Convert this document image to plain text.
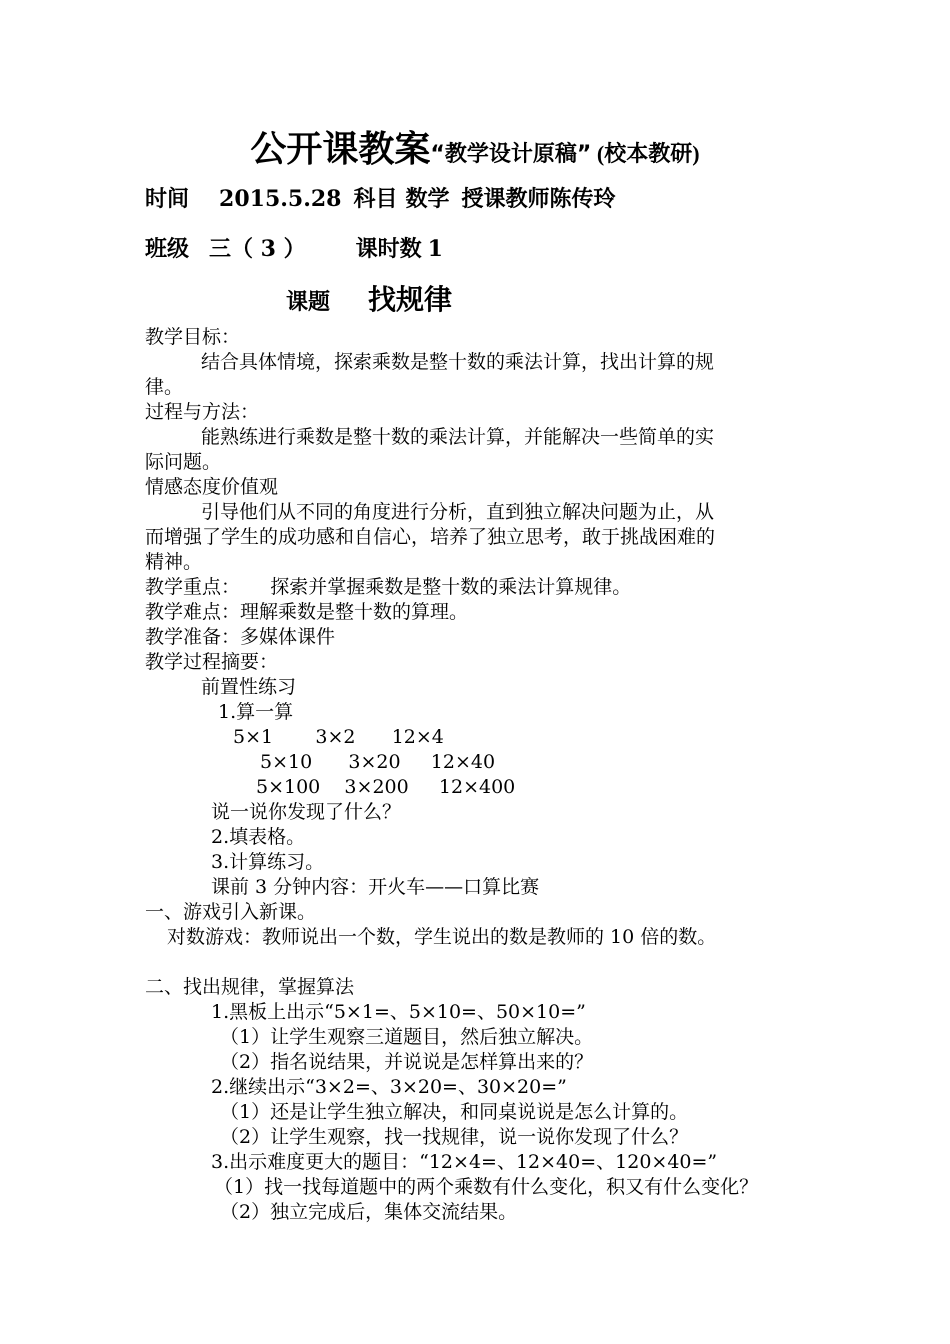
公开课教案“教学设计原稿” (校本教研)
时间 2015.5.28 科目 数学 授课教师陈传玲
班级 三（ 3 ） 课时数 1
课题 找规律
教学目标：
结合具体情境，探索乘数是整十数的乘法计算，找出计算的规
律。
过程与方法：
能熟练进行乘数是整十数的乘法计算，并能解决一些简单的实
际问题。
情感态度价值观
引导他们从不同的角度进行分析，直到独立解决问题为止，从
而增强了学生的成功感和自信心，培养了独立思考，敢于挑战困难的
精神。
教学重点：     探索并掌握乘数是整十数的乘法计算规律。
教学难点：理解乘数是整十数的算理。
教学准备：多媒体课件
教学过程摘要：
前置性练习
1.算一算
5×1       3×2      12×4
5×10      3×20     12×40
5×100    3×200     12×400
说一说你发现了什么？
2.填表格。
3.计算练习。
课前 3 分钟内容：开火车——口算比赛
一、游戏引入新课。
对数游戏：教师说出一个数，学生说出的数是教师的 10 倍的数。
二、找出规律，掌握算法
1.黑板上出示“5×1=、5×10=、50×10=”
（1）让学生观察三道题目，然后独立解决。
（2）指名说结果，并说说是怎样算出来的？
2.继续出示“3×2=、3×20=、30×20=”
（1）还是让学生独立解决，和同桌说说是怎么计算的。
（2）让学生观察，找一找规律，说一说你发现了什么？
3.出示难度更大的题目：“12×4=、12×40=、120×40=”
（1）找一找每道题中的两个乘数有什么变化，积又有什么变化？
（2）独立完成后，集体交流结果。
